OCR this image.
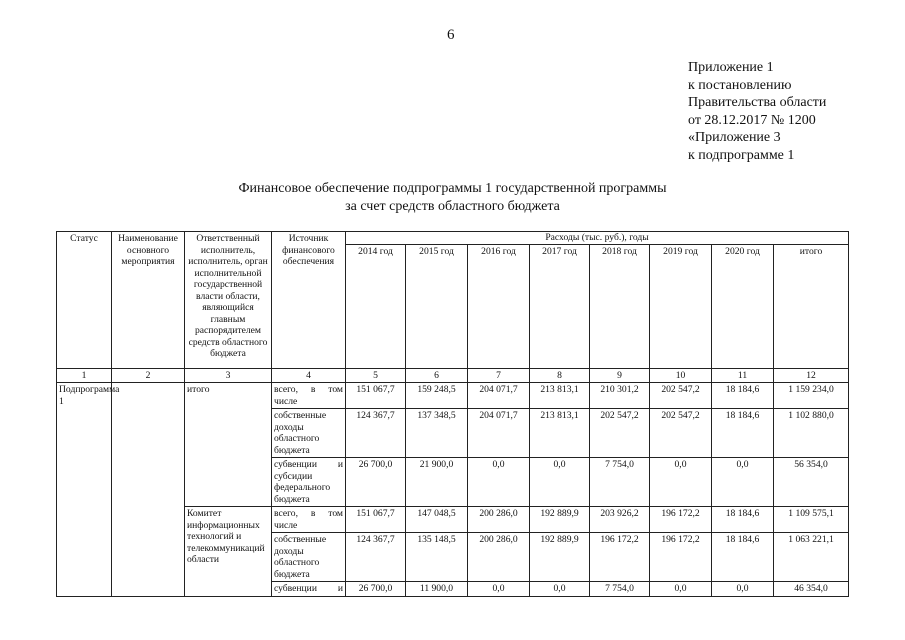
6
Приложение 1
к постановлению
Правительства области
от 28.12.2017 № 1200
«Приложение 3
к подпрограмме 1
Финансовое обеспечение подпрограммы 1 государственной программы
за счет средств областного бюджета
Статус	Наименование основного мероприятия	Ответственный исполнитель, исполнитель, орган исполнительной государственной власти области, являющийся главным распорядителем средств областного бюджета	Источник финансового обеспечения	Расходы (тыс. руб.), годы							
				2014 год	2015 год	2016 год	2017 год	2018 год	2019 год	2020 год	итого
1	2	3	4	5	6	7	8	9	10	11	12
Подпрограмма 1		итого	всего, в том числе	151 067,7	159 248,5	204 071,7	213 813,1	210 301,2	202 547,2	18 184,6	1 159 234,0
			собственные доходы областного бюджета	124 367,7	137 348,5	204 071,7	213 813,1	202 547,2	202 547,2	18 184,6	1 102 880,0
			субвенции и субсидии федерального бюджета	26 700,0	21 900,0	0,0	0,0	7 754,0	0,0	0,0	56 354,0
		Комитет информационных технологий и телекоммуникаций области	всего, в том числе	151 067,7	147 048,5	200 286,0	192 889,9	203 926,2	196 172,2	18 184,6	1 109 575,1
			собственные доходы областного бюджета	124 367,7	135 148,5	200 286,0	192 889,9	196 172,2	196 172,2	18 184,6	1 063 221,1
			субвенции и	26 700,0	11 900,0	0,0	0,0	7 754,0	0,0	0,0	46 354,0
